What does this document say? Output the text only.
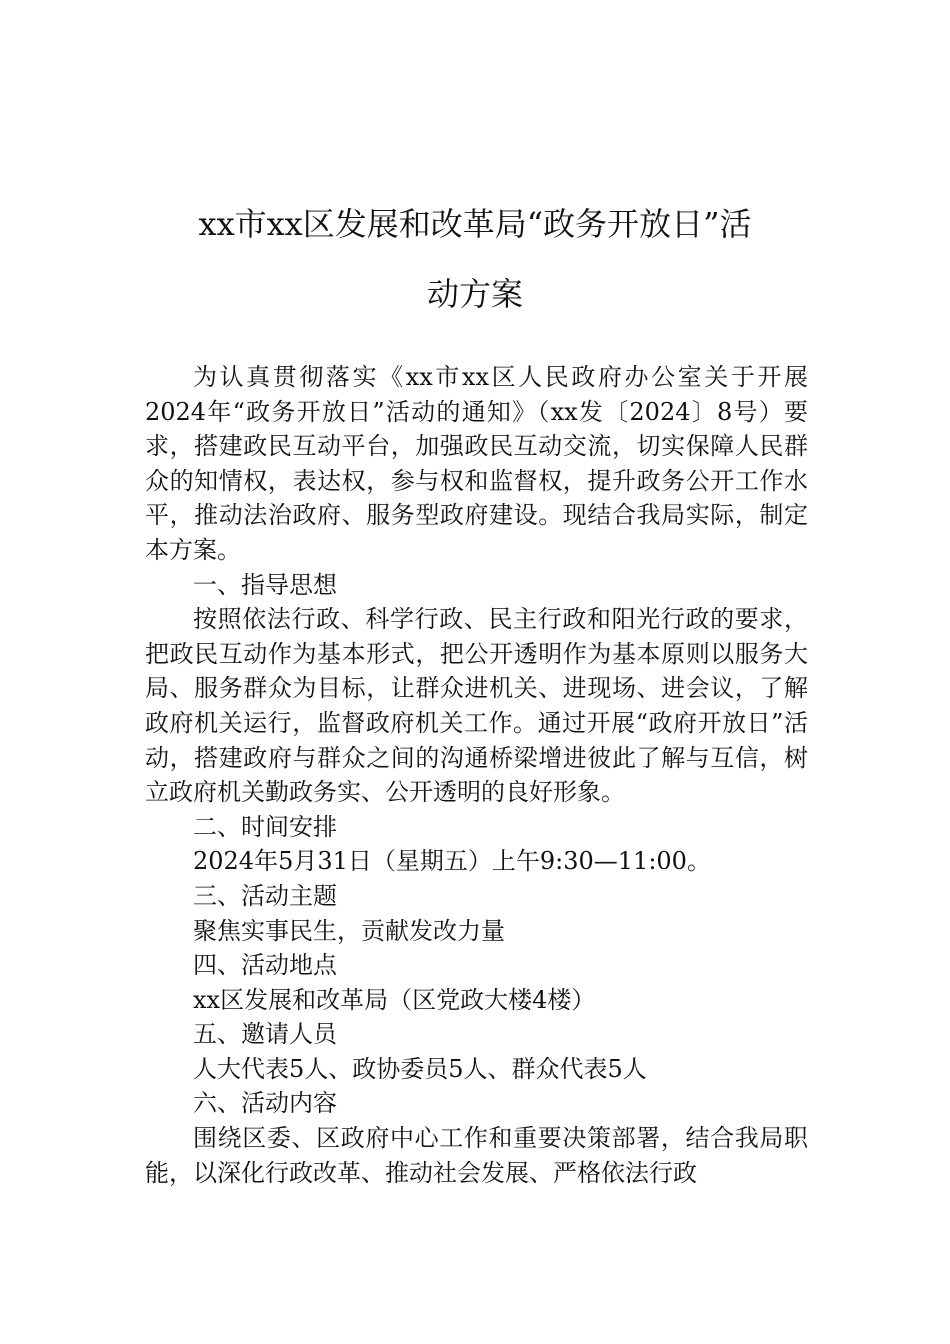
xx市xx区发展和改革局“政务开放日”活
动方案

为认真贯彻落实《xx市xx区人民政府办公室关于开展2024年“政务开放日”活动的通知》（xx发〔2024〕8号）要求，搭建政民互动平台，加强政民互动交流，切实保障人民群众的知情权，表达权，参与权和监督权，提升政务公开工作水平，推动法治政府、服务型政府建设。现结合我局实际，制定本方案。

一、指导思想

按照依法行政、科学行政、民主行政和阳光行政的要求，把政民互动作为基本形式，把公开透明作为基本原则以服务大局、服务群众为目标，让群众进机关、进现场、进会议，了解政府机关运行，监督政府机关工作。通过开展“政府开放日”活动，搭建政府与群众之间的沟通桥梁增进彼此了解与互信，树立政府机关勤政务实、公开透明的良好形象。

二、时间安排

2024年5月31日（星期五）上午9:30—11:00。

三、活动主题

聚焦实事民生，贡献发改力量

四、活动地点

xx区发展和改革局（区党政大楼4楼）

五、邀请人员

人大代表5人、政协委员5人、群众代表5人

六、活动内容

围绕区委、区政府中心工作和重要决策部署，结合我局职能，以深化行政改革、推动社会发展、严格依法行政
